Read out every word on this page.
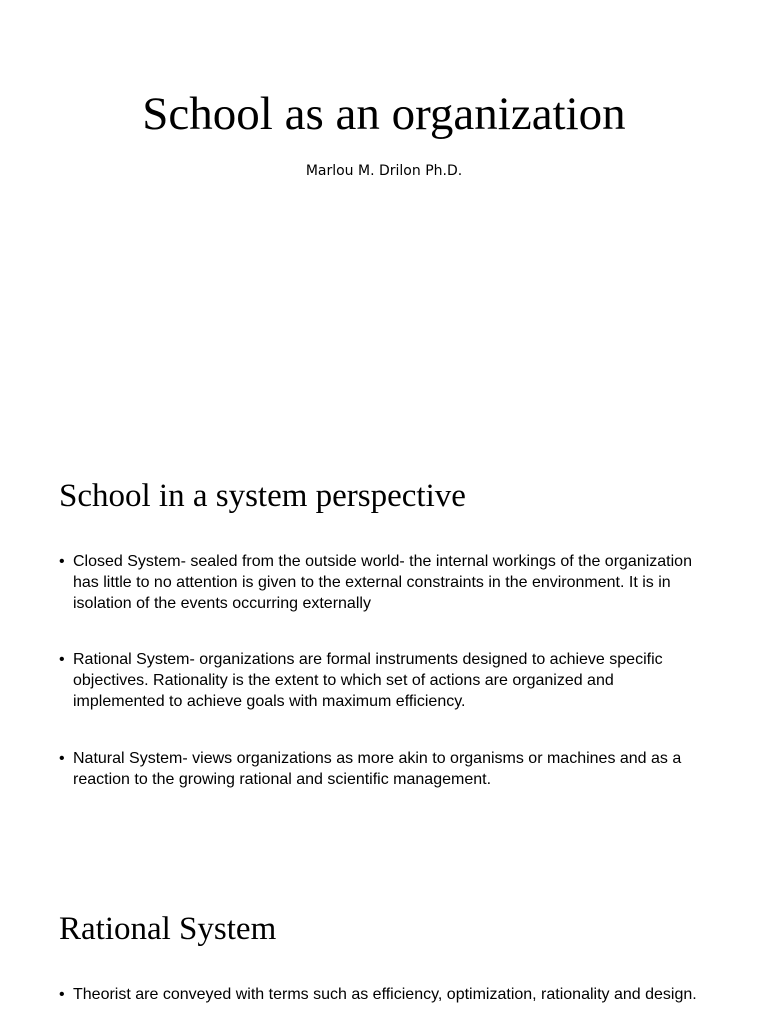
School as an organization

Marlou M. Drilon Ph.D.

School in a system perspective
• Closed System- sealed from the outside world- the internal workings of the organization has little to no attention is given to the external constraints in the environment. It is in isolation of the events occurring externally
• Rational System- organizations are formal instruments designed to achieve specific objectives. Rationality is the extent to which set of actions are organized and implemented to achieve goals with maximum efficiency.
• Natural System- views organizations as more akin to organisms or machines and as a reaction to the growing rational and scientific management.
Rational System
• Theorist are conveyed with terms such as efficiency, optimization, rationality and design.
